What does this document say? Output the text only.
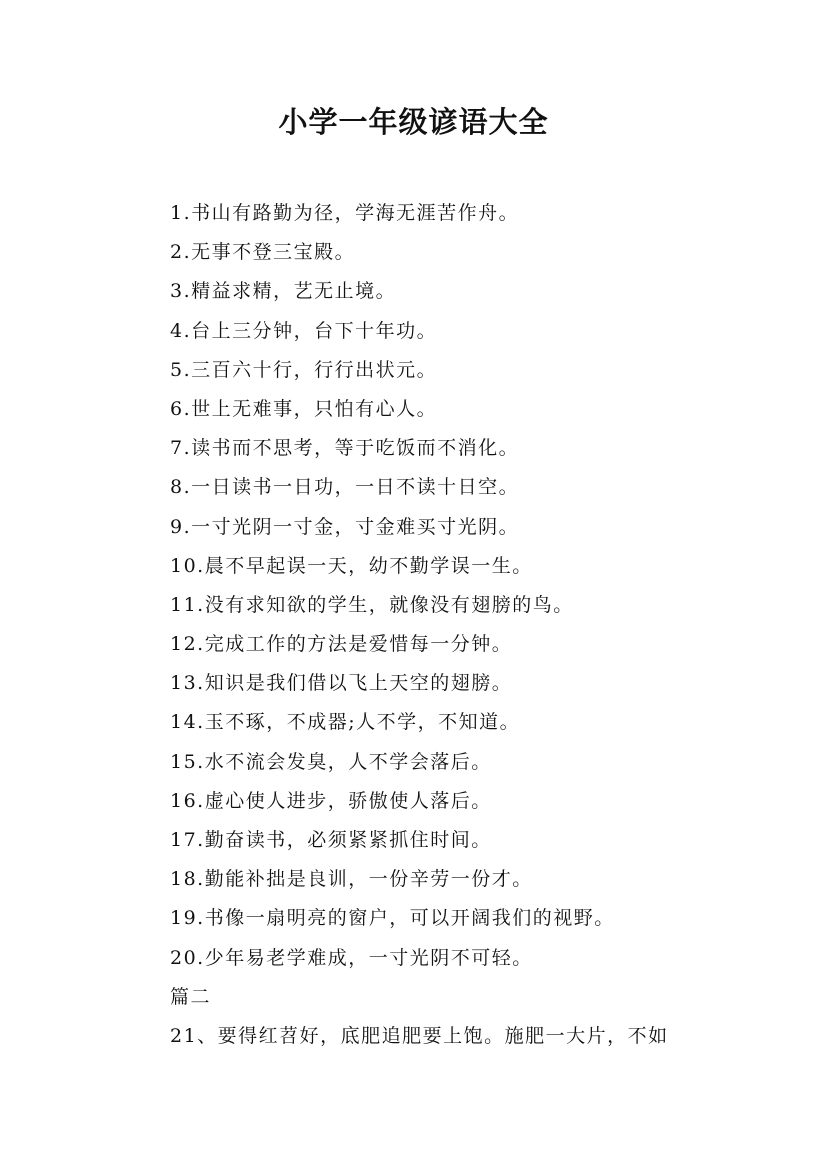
小学一年级谚语大全
1.书山有路勤为径，学海无涯苦作舟。
2.无事不登三宝殿。
3.精益求精，艺无止境。
4.台上三分钟，台下十年功。
5.三百六十行，行行出状元。
6.世上无难事，只怕有心人。
7.读书而不思考，等于吃饭而不消化。
8.一日读书一日功，一日不读十日空。
9.一寸光阴一寸金，寸金难买寸光阴。
10.晨不早起误一天，幼不勤学误一生。
11.没有求知欲的学生，就像没有翅膀的鸟。
12.完成工作的方法是爱惜每一分钟。
13.知识是我们借以飞上天空的翅膀。
14.玉不琢，不成器;人不学，不知道。
15.水不流会发臭，人不学会落后。
16.虚心使人进步，骄傲使人落后。
17.勤奋读书，必须紧紧抓住时间。
18.勤能补拙是良训，一份辛劳一份才。
19.书像一扇明亮的窗户，可以开阔我们的视野。
20.少年易老学难成，一寸光阴不可轻。
篇二
21、要得红苕好，底肥追肥要上饱。施肥一大片，不如
